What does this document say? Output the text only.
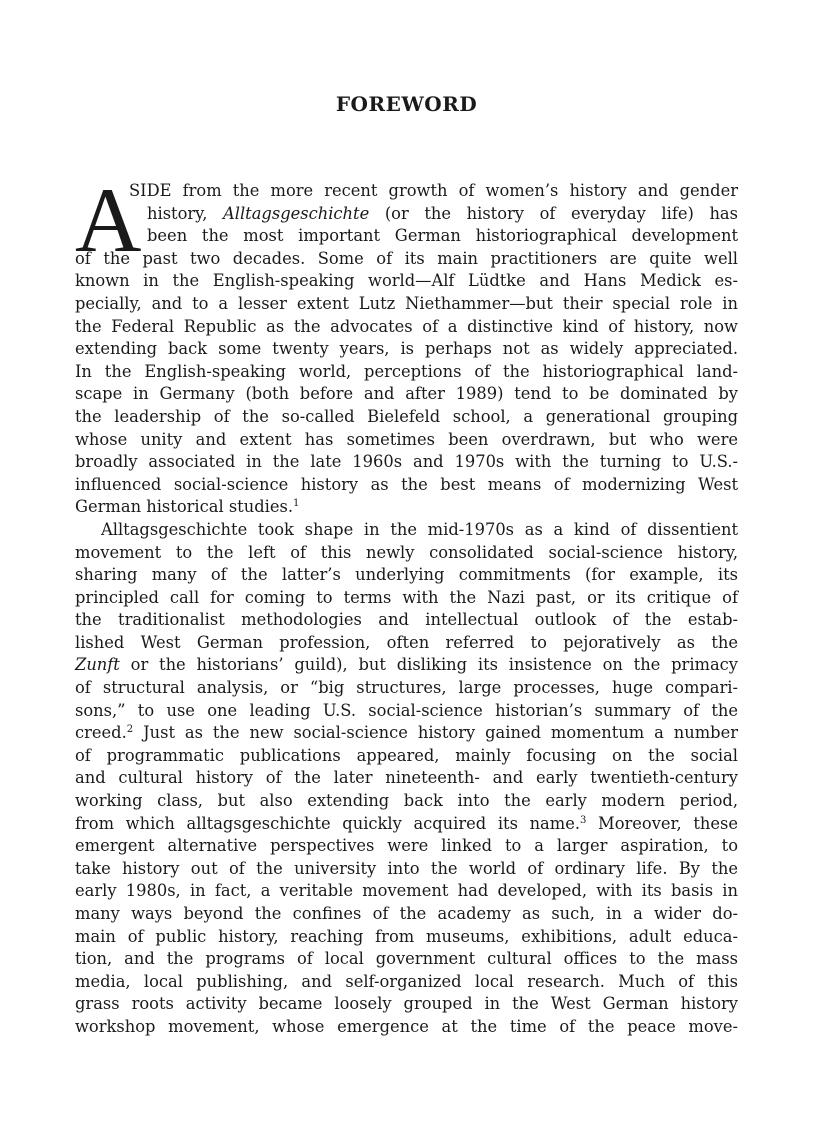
FOREWORD
A
SIDE from the more recent growth of women’s history and gender
history, Alltagsgeschichte (or the history of everyday life) has
been the most important German historiographical development
of the past two decades. Some of its main practitioners are quite well
known in the English-speaking world—Alf Lüdtke and Hans Medick es-
pecially, and to a lesser extent Lutz Niethammer—but their special role in
the Federal Republic as the advocates of a distinctive kind of history, now
extending back some twenty years, is perhaps not as widely appreciated.
In the English-speaking world, perceptions of the historiographical land-
scape in Germany (both before and after 1989) tend to be dominated by
the leadership of the so-called Bielefeld school, a generational grouping
whose unity and extent has sometimes been overdrawn, but who were
broadly associated in the late 1960s and 1970s with the turning to U.S.-
influenced social-science history as the best means of modernizing West
German historical studies.$^1$
Alltagsgeschichte took shape in the mid-1970s as a kind of dissentient
movement to the left of this newly consolidated social-science history,
sharing many of the latter’s underlying commitments (for example, its
principled call for coming to terms with the Nazi past, or its critique of
the traditionalist methodologies and intellectual outlook of the estab-
lished West German profession, often referred to pejoratively as the
Zunft or the historians’ guild), but disliking its insistence on the primacy
of structural analysis, or “big structures, large processes, huge compari-
sons,” to use one leading U.S. social-science historian’s summary of the
creed.$^2$ Just as the new social-science history gained momentum a number
of programmatic publications appeared, mainly focusing on the social
and cultural history of the later nineteenth- and early twentieth-century
working class, but also extending back into the early modern period,
from which alltagsgeschichte quickly acquired its name.$^3$ Moreover, these
emergent alternative perspectives were linked to a larger aspiration, to
take history out of the university into the world of ordinary life. By the
early 1980s, in fact, a veritable movement had developed, with its basis in
many ways beyond the confines of the academy as such, in a wider do-
main of public history, reaching from museums, exhibitions, adult educa-
tion, and the programs of local government cultural offices to the mass
media, local publishing, and self-organized local research. Much of this
grass roots activity became loosely grouped in the West German history
workshop movement, whose emergence at the time of the peace move-
